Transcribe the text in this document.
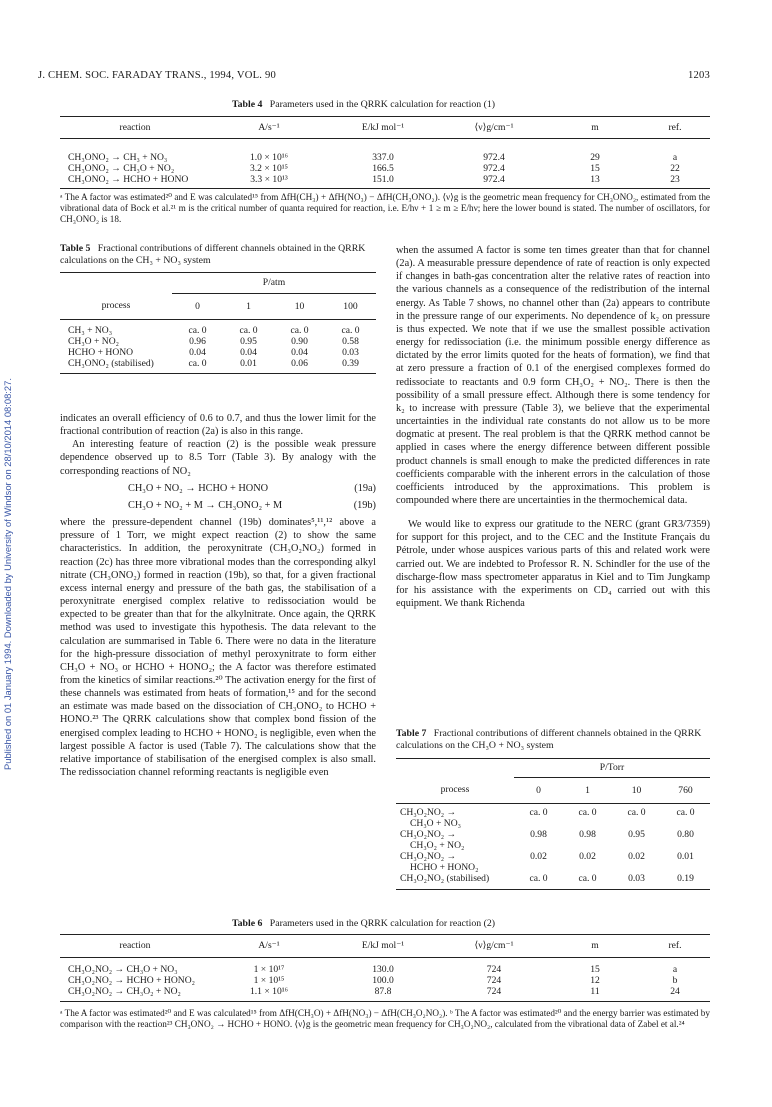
Published on 01 January 1994. Downloaded by University of Windsor on 28/10/2014 08:08:27.
J. CHEM. SOC. FARADAY TRANS., 1994, VOL. 90	1203
Table 4 Parameters used in the QRRK calculation for reaction (1)
reaction	A/s⁻¹	E/kJ mol⁻¹	⟨ν⟩g/cm⁻¹	m	ref.

CH₃ONO₂ → CH₃ + NO₃	1.0 × 10¹⁶	337.0	972.4	29	a
CH₃ONO₂ → CH₃O + NO₂	3.2 × 10¹⁵	166.5	972.4	15	22
CH₃ONO₂ → HCHO + HONO	3.3 × 10¹³	151.0	972.4	13	23
ᵃ The A factor was estimated²⁰ and E was calculated¹⁵ from ΔfH(CH₃) + ΔfH(NO₃) − ΔfH(CH₃ONO₂). ⟨ν⟩g is the geometric mean frequency for CH₃ONO₂, estimated from the vibrational data of Bock et al.²¹ m is the critical number of quanta required for reaction, i.e. E/hν + 1 ≥ m ≥ E/hν; here the lower bound is stated. The number of oscillators, for CH₃ONO₂ is 18.
Table 5 Fractional contributions of different channels obtained in the QRRK calculations on the CH₃ + NO₃ system
	P/atm			
process	0	1	10	100

CH₃ + NO₃	ca. 0	ca. 0	ca. 0	ca. 0
CH₃O + NO₂	0.96	0.95	0.90	0.58
HCHO + HONO	0.04	0.04	0.04	0.03
CH₃ONO₂ (stabilised)	ca. 0	0.01	0.06	0.39

indicates an overall efficiency of 0.6 to 0.7, and thus the lower limit for the fractional contribution of reaction (2a) is also in this range.

An interesting feature of reaction (2) is the possible weak pressure dependence observed up to 8.5 Torr (Table 3). By analogy with the corresponding reactions of NO₂

CH₃O + NO₂ → HCHO + HONO	(19a)
CH₃O + NO₂ + M → CH₃ONO₂ + M	(19b)

where the pressure-dependent channel (19b) dominates⁵,¹¹,¹² above a pressure of 1 Torr, we might expect reaction (2) to show the same characteristics. In addition, the peroxynitrate (CH₃O₂NO₂) formed in reaction (2c) has three more vibrational modes than the corresponding alkyl nitrate (CH₃ONO₂) formed in reaction (19b), so that, for a given fractional excess internal energy and pressure of the bath gas, the stabilisation of a peroxynitrate energised complex relative to redissociation would be expected to be greater than that for the alkylnitrate. Once again, the QRRK method was used to investigate this hypothesis. The data relevant to the calculation are summarised in Table 6. There were no data in the literature for the high-pressure dissociation of methyl peroxynitrate to form either CH₃O + NO₃ or HCHO + HONO₂; the A factor was therefore estimated from the kinetics of similar reactions.²⁰ The activation energy for the first of these channels was estimated from heats of formation,¹⁵ and for the second an estimate was made based on the dissociation of CH₃ONO₂ to HCHO + HONO.²³ The QRRK calculations show that complex bond fission of the energised complex leading to HCHO + HONO₂ is negligible, even when the largest possible A factor is used (Table 7). The calculations show that the relative importance of stabilisation of the energised complex is also small. The redissociation channel reforming reactants is negligible even

when the assumed A factor is some ten times greater than that for channel (2a). A measurable pressure dependence of rate of reaction is only expected if changes in bath-gas concentration alter the relative rates of reaction into the various channels as a consequence of the redistribution of the internal energy. As Table 7 shows, no channel other than (2a) appears to contribute in the pressure range of our experiments. No dependence of k₂ on pressure is thus expected. We note that if we use the smallest possible activation energy for redissociation (i.e. the minimum possible energy difference as dictated by the error limits quoted for the heats of formation), we find that at zero pressure a fraction of 0.1 of the energised complexes formed do redissociate to reactants and 0.9 form CH₃O₂ + NO₂. There is then the possibility of a small pressure effect. Although there is some tendency for k₂ to increase with pressure (Table 3), we believe that the experimental uncertainties in the individual rate constants do not allow us to be more dogmatic at present. The real problem is that the QRRK method cannot be applied in cases where the energy difference between different possible product channels is small enough to make the predicted differences in rate coefficients comparable with the inherent errors in the calculation of those coefficients introduced by the approximations. This problem is compounded where there are uncertainties in the thermochemical data.

We would like to express our gratitude to the NERC (grant GR3/7359) for support for this project, and to the CEC and the Institute Français du Pétrole, under whose auspices various parts of this and related work were carried out. We are indebted to Professor R. N. Schindler for the use of the discharge-flow mass spectrometer apparatus in Kiel and to Tim Jungkamp for his assistance with the experiments on CD₄ carried out with this equipment. We thank Richenda

Table 7 Fractional contributions of different channels obtained in the QRRK calculations on the CH₃O + NO₃ system
	P/Torr			
process	0	1	10	760

CH₃O₂NO₂ →
CH₃O + NO₃	ca. 0	ca. 0	ca. 0	ca. 0

CH₃O₂NO₂ →
CH₃O₂ + NO₂	0.98	0.98	0.95	0.80

CH₃O₂NO₂ →
HCHO + HONO₂	0.02	0.02	0.02	0.01
CH₃O₂NO₂ (stabilised)	ca. 0	ca. 0	0.03	0.19
Table 6 Parameters used in the QRRK calculation for reaction (2)
reaction	A/s⁻¹	E/kJ mol⁻¹	⟨ν⟩g/cm⁻¹	m	ref.

CH₃O₂NO₂ → CH₃O + NO₃	1 × 10¹⁷	130.0	724	15	a
CH₃O₂NO₂ → HCHO + HONO₂	1 × 10¹⁵	100.0	724	12	b
CH₃O₂NO₂ → CH₃O₂ + NO₂	1.1 × 10¹⁶	87.8	724	11	24
ᵃ The A factor was estimated²⁰ and E was calculated¹⁵ from ΔfH(CH₃O) + ΔfH(NO₃) − ΔfH(CH₃O₂NO₂). ᵇ The A factor was estimated²⁰ and the energy barrier was estimated by comparison with the reaction²³ CH₃ONO₂ → HCHO + HONO. ⟨ν⟩g is the geometric mean frequency for CH₃O₂NO₂, calculated from the vibrational data of Zabel et al.²⁴
